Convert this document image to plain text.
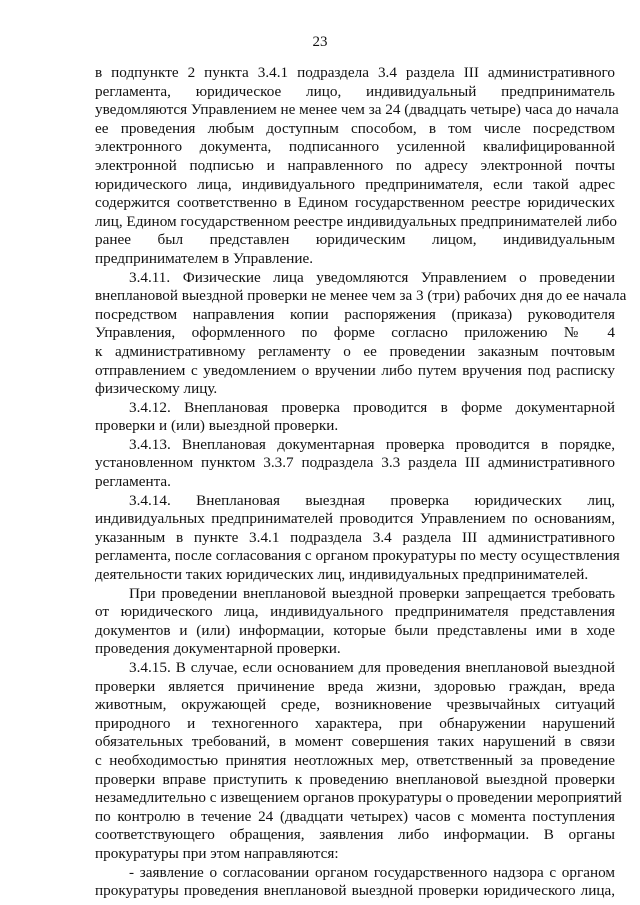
23
в подпункте 2 пункта 3.4.1 подраздела 3.4 раздела III административного
регламента, юридическое лицо, индивидуальный предприниматель
уведомляются Управлением не менее чем за 24 (двадцать четыре) часа до начала
ее проведения любым доступным способом, в том числе посредством
электронного документа, подписанного усиленной квалифицированной
электронной подписью и направленного по адресу электронной почты
юридического лица, индивидуального предпринимателя, если такой адрес
содержится соответственно в Едином государственном реестре юридических
лиц, Едином государственном реестре индивидуальных предпринимателей либо
ранее был представлен юридическим лицом, индивидуальным
предпринимателем в Управление.
3.4.11. Физические лица уведомляются Управлением о проведении
внеплановой выездной проверки не менее чем за 3 (три) рабочих дня до ее начала
посредством направления копии распоряжения (приказа) руководителя
Управления, оформленного по форме согласно приложению № 4
к административному регламенту о ее проведении заказным почтовым
отправлением с уведомлением о вручении либо путем вручения под расписку
физическому лицу.
3.4.12. Внеплановая проверка проводится в форме документарной
проверки и (или) выездной проверки.
3.4.13. Внеплановая документарная проверка проводится в порядке,
установленном пунктом 3.3.7 подраздела 3.3 раздела III административного
регламента.
3.4.14. Внеплановая выездная проверка юридических лиц,
индивидуальных предпринимателей проводится Управлением по основаниям,
указанным в пункте 3.4.1 подраздела 3.4 раздела III административного
регламента, после согласования с органом прокуратуры по месту осуществления
деятельности таких юридических лиц, индивидуальных предпринимателей.
При проведении внеплановой выездной проверки запрещается требовать
от юридического лица, индивидуального предпринимателя представления
документов и (или) информации, которые были представлены ими в ходе
проведения документарной проверки.
3.4.15. В случае, если основанием для проведения внеплановой выездной
проверки является причинение вреда жизни, здоровью граждан, вреда
животным, окружающей среде, возникновение чрезвычайных ситуаций
природного и техногенного характера, при обнаружении нарушений
обязательных требований, в момент совершения таких нарушений в связи
с необходимостью принятия неотложных мер, ответственный за проведение
проверки вправе приступить к проведению внеплановой выездной проверки
незамедлительно с извещением органов прокуратуры о проведении мероприятий
по контролю в течение 24 (двадцати четырех) часов с момента поступления
соответствующего обращения, заявления либо информации. В органы
прокуратуры при этом направляются:
- заявление о согласовании органом государственного надзора с органом
прокуратуры проведения внеплановой выездной проверки юридического лица,
